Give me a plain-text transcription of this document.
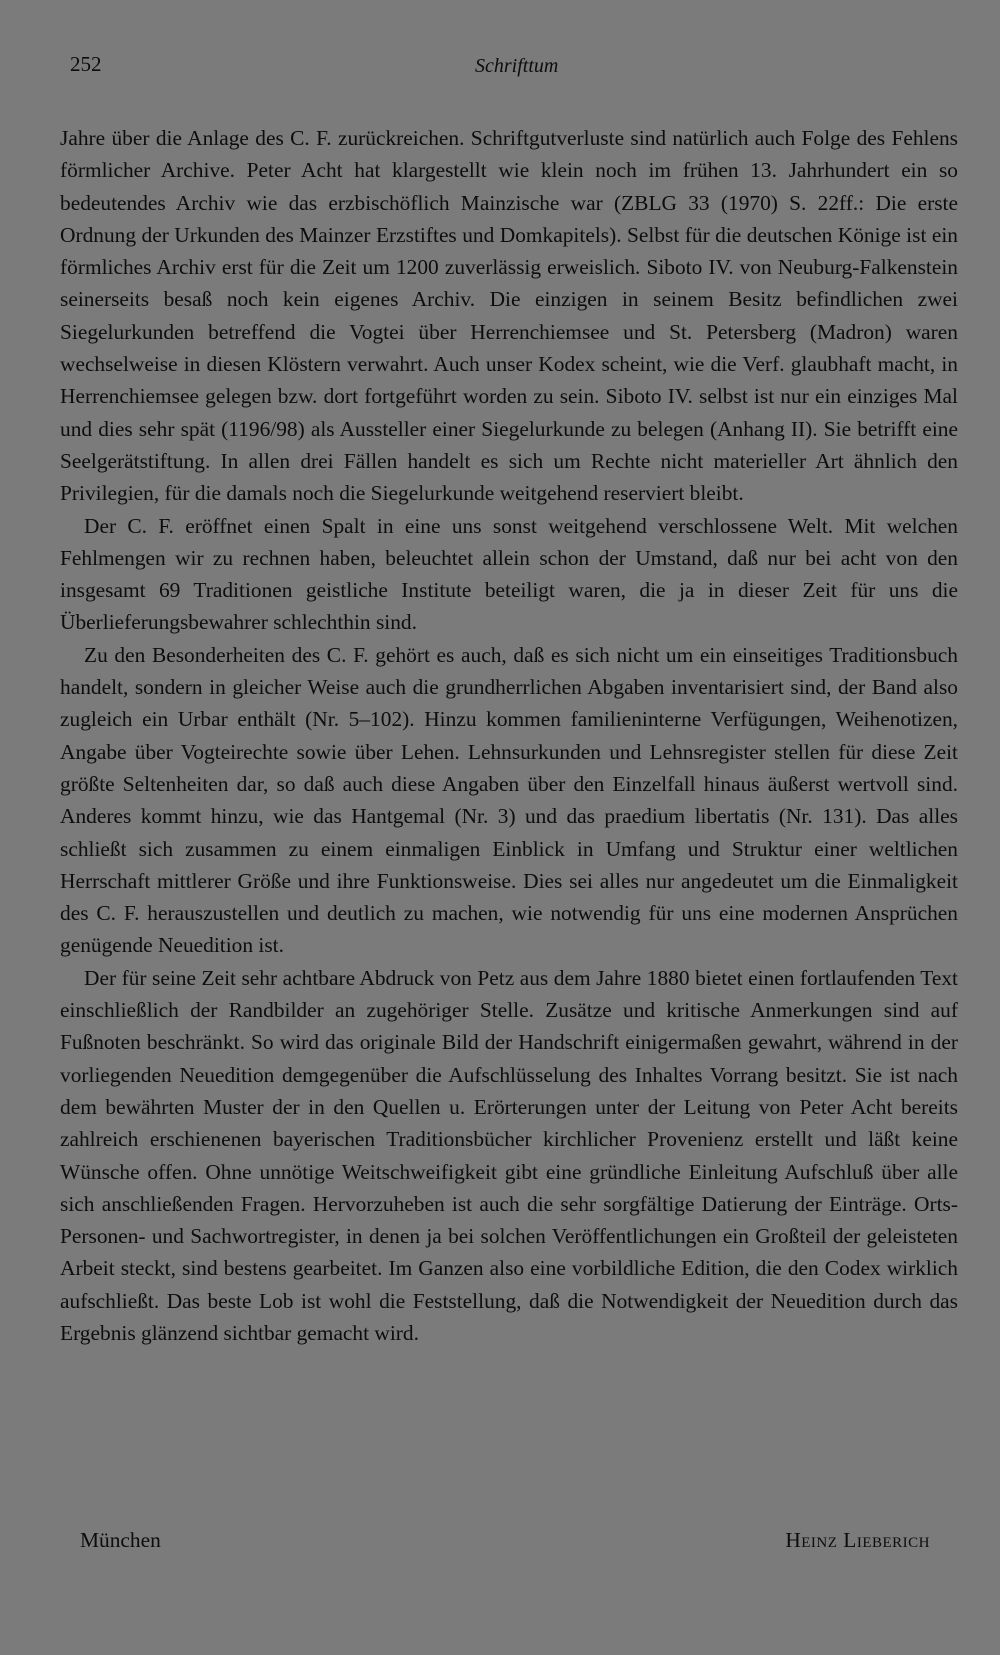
252	Schrifttum

Jahre über die Anlage des C. F. zurückreichen. Schriftgutverluste sind natürlich auch Folge des Fehlens förmlicher Archive. Peter Acht hat klargestellt wie klein noch im frühen 13. Jahrhundert ein so bedeutendes Archiv wie das erzbischöflich Mainzische war (ZBLG 33 (1970) S. 22ff.: Die erste Ordnung der Urkunden des Mainzer Erzstiftes und Domkapitels). Selbst für die deutschen Könige ist ein förmliches Archiv erst für die Zeit um 1200 zuverlässig erweislich. Siboto IV. von Neuburg-Falkenstein seinerseits besaß noch kein eigenes Archiv. Die einzigen in seinem Besitz befindlichen zwei Siegelurkunden betreffend die Vogtei über Herrenchiemsee und St. Petersberg (Madron) waren wechselweise in diesen Klöstern verwahrt. Auch unser Kodex scheint, wie die Verf. glaubhaft macht, in Herrenchiemsee gelegen bzw. dort fortgeführt worden zu sein. Siboto IV. selbst ist nur ein einziges Mal und dies sehr spät (1196/98) als Aussteller einer Siegelurkunde zu belegen (Anhang II). Sie betrifft eine Seelgerätstiftung. In allen drei Fällen handelt es sich um Rechte nicht materieller Art ähnlich den Privilegien, für die damals noch die Siegelurkunde weitgehend reserviert bleibt.

Der C. F. eröffnet einen Spalt in eine uns sonst weitgehend verschlossene Welt. Mit welchen Fehlmengen wir zu rechnen haben, beleuchtet allein schon der Umstand, daß nur bei acht von den insgesamt 69 Traditionen geistliche Institute beteiligt waren, die ja in dieser Zeit für uns die Überlieferungsbewahrer schlechthin sind.

Zu den Besonderheiten des C. F. gehört es auch, daß es sich nicht um ein einseitiges Traditionsbuch handelt, sondern in gleicher Weise auch die grundherrlichen Abgaben inventarisiert sind, der Band also zugleich ein Urbar enthält (Nr. 5–102). Hinzu kommen familieninterne Verfügungen, Weihenotizen, Angabe über Vogteirechte sowie über Lehen. Lehnsurkunden und Lehnsregister stellen für diese Zeit größte Seltenheiten dar, so daß auch diese Angaben über den Einzelfall hinaus äußerst wertvoll sind. Anderes kommt hinzu, wie das Hantgemal (Nr. 3) und das praedium libertatis (Nr. 131). Das alles schließt sich zusammen zu einem einmaligen Einblick in Umfang und Struktur einer weltlichen Herrschaft mittlerer Größe und ihre Funktionsweise. Dies sei alles nur angedeutet um die Einmaligkeit des C. F. herauszustellen und deutlich zu machen, wie notwendig für uns eine modernen Ansprüchen genügende Neuedition ist.

Der für seine Zeit sehr achtbare Abdruck von Petz aus dem Jahre 1880 bietet einen fortlaufenden Text einschließlich der Randbilder an zugehöriger Stelle. Zusätze und kritische Anmerkungen sind auf Fußnoten beschränkt. So wird das originale Bild der Handschrift einigermaßen gewahrt, während in der vorliegenden Neuedition demgegenüber die Aufschlüsselung des Inhaltes Vorrang besitzt. Sie ist nach dem bewährten Muster der in den Quellen u. Erörterungen unter der Leitung von Peter Acht bereits zahlreich erschienenen bayerischen Traditionsbücher kirchlicher Provenienz erstellt und läßt keine Wünsche offen. Ohne unnötige Weitschweifigkeit gibt eine gründliche Einleitung Aufschluß über alle sich anschließenden Fragen. Hervorzuheben ist auch die sehr sorgfältige Datierung der Einträge. Orts- Personen- und Sachwortregister, in denen ja bei solchen Veröffentlichungen ein Großteil der geleisteten Arbeit steckt, sind bestens gearbeitet. Im Ganzen also eine vorbildliche Edition, die den Codex wirklich aufschließt. Das beste Lob ist wohl die Feststellung, daß die Notwendigkeit der Neuedition durch das Ergebnis glänzend sichtbar gemacht wird.

München	Heinz Lieberich
